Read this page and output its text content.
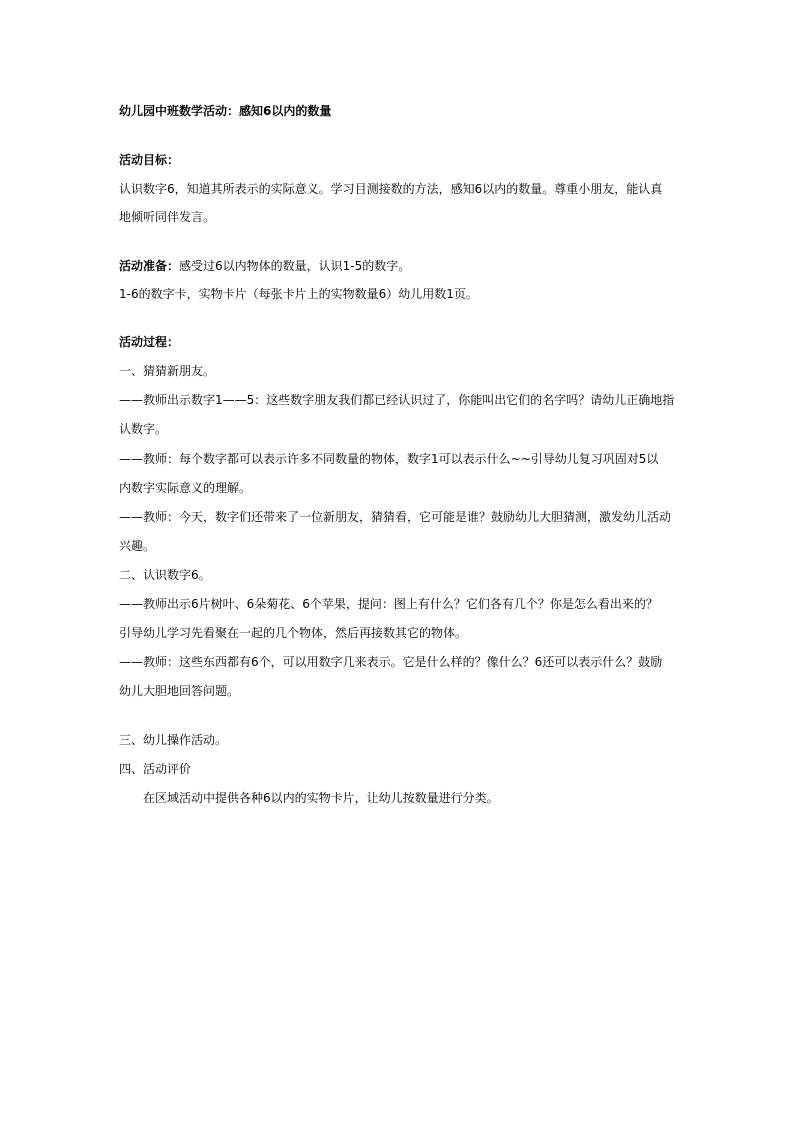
幼儿园中班数学活动：感知6以内的数量
活动目标：
认识数字6，知道其所表示的实际意义。学习目测接数的方法，感知6以内的数量。尊重小朋友，能认真
地倾听同伴发言。
活动准备：感受过6以内物体的数量，认识1-5的数字。
1-6的数字卡，实物卡片（每张卡片上的实物数量6）幼儿用数1页。
活动过程：
一、猜猜新朋友。
——教师出示数字1——5：这些数字朋友我们都已经认识过了，你能叫出它们的名字吗？请幼儿正确地指
认数字。
——教师：每个数字都可以表示许多不同数量的物体，数字1可以表示什么~~引导幼儿复习巩固对5以
内数字实际意义的理解。
——教师：今天，数字们还带来了一位新朋友，猜猜看，它可能是谁？鼓励幼儿大胆猜测，激发幼儿活动
兴趣。
二、认识数字6。
——教师出示6片树叶、6朵菊花、6个苹果，提问：图上有什么？它们各有几个？你是怎么看出来的？
引导幼儿学习先看聚在一起的几个物体，然后再接数其它的物体。
——教师：这些东西都有6个，可以用数字几来表示。它是什么样的？像什么？6还可以表示什么？鼓励
幼儿大胆地回答问题。
三、幼儿操作活动。
四、活动评价
在区域活动中提供各种6以内的实物卡片，让幼儿按数量进行分类。
